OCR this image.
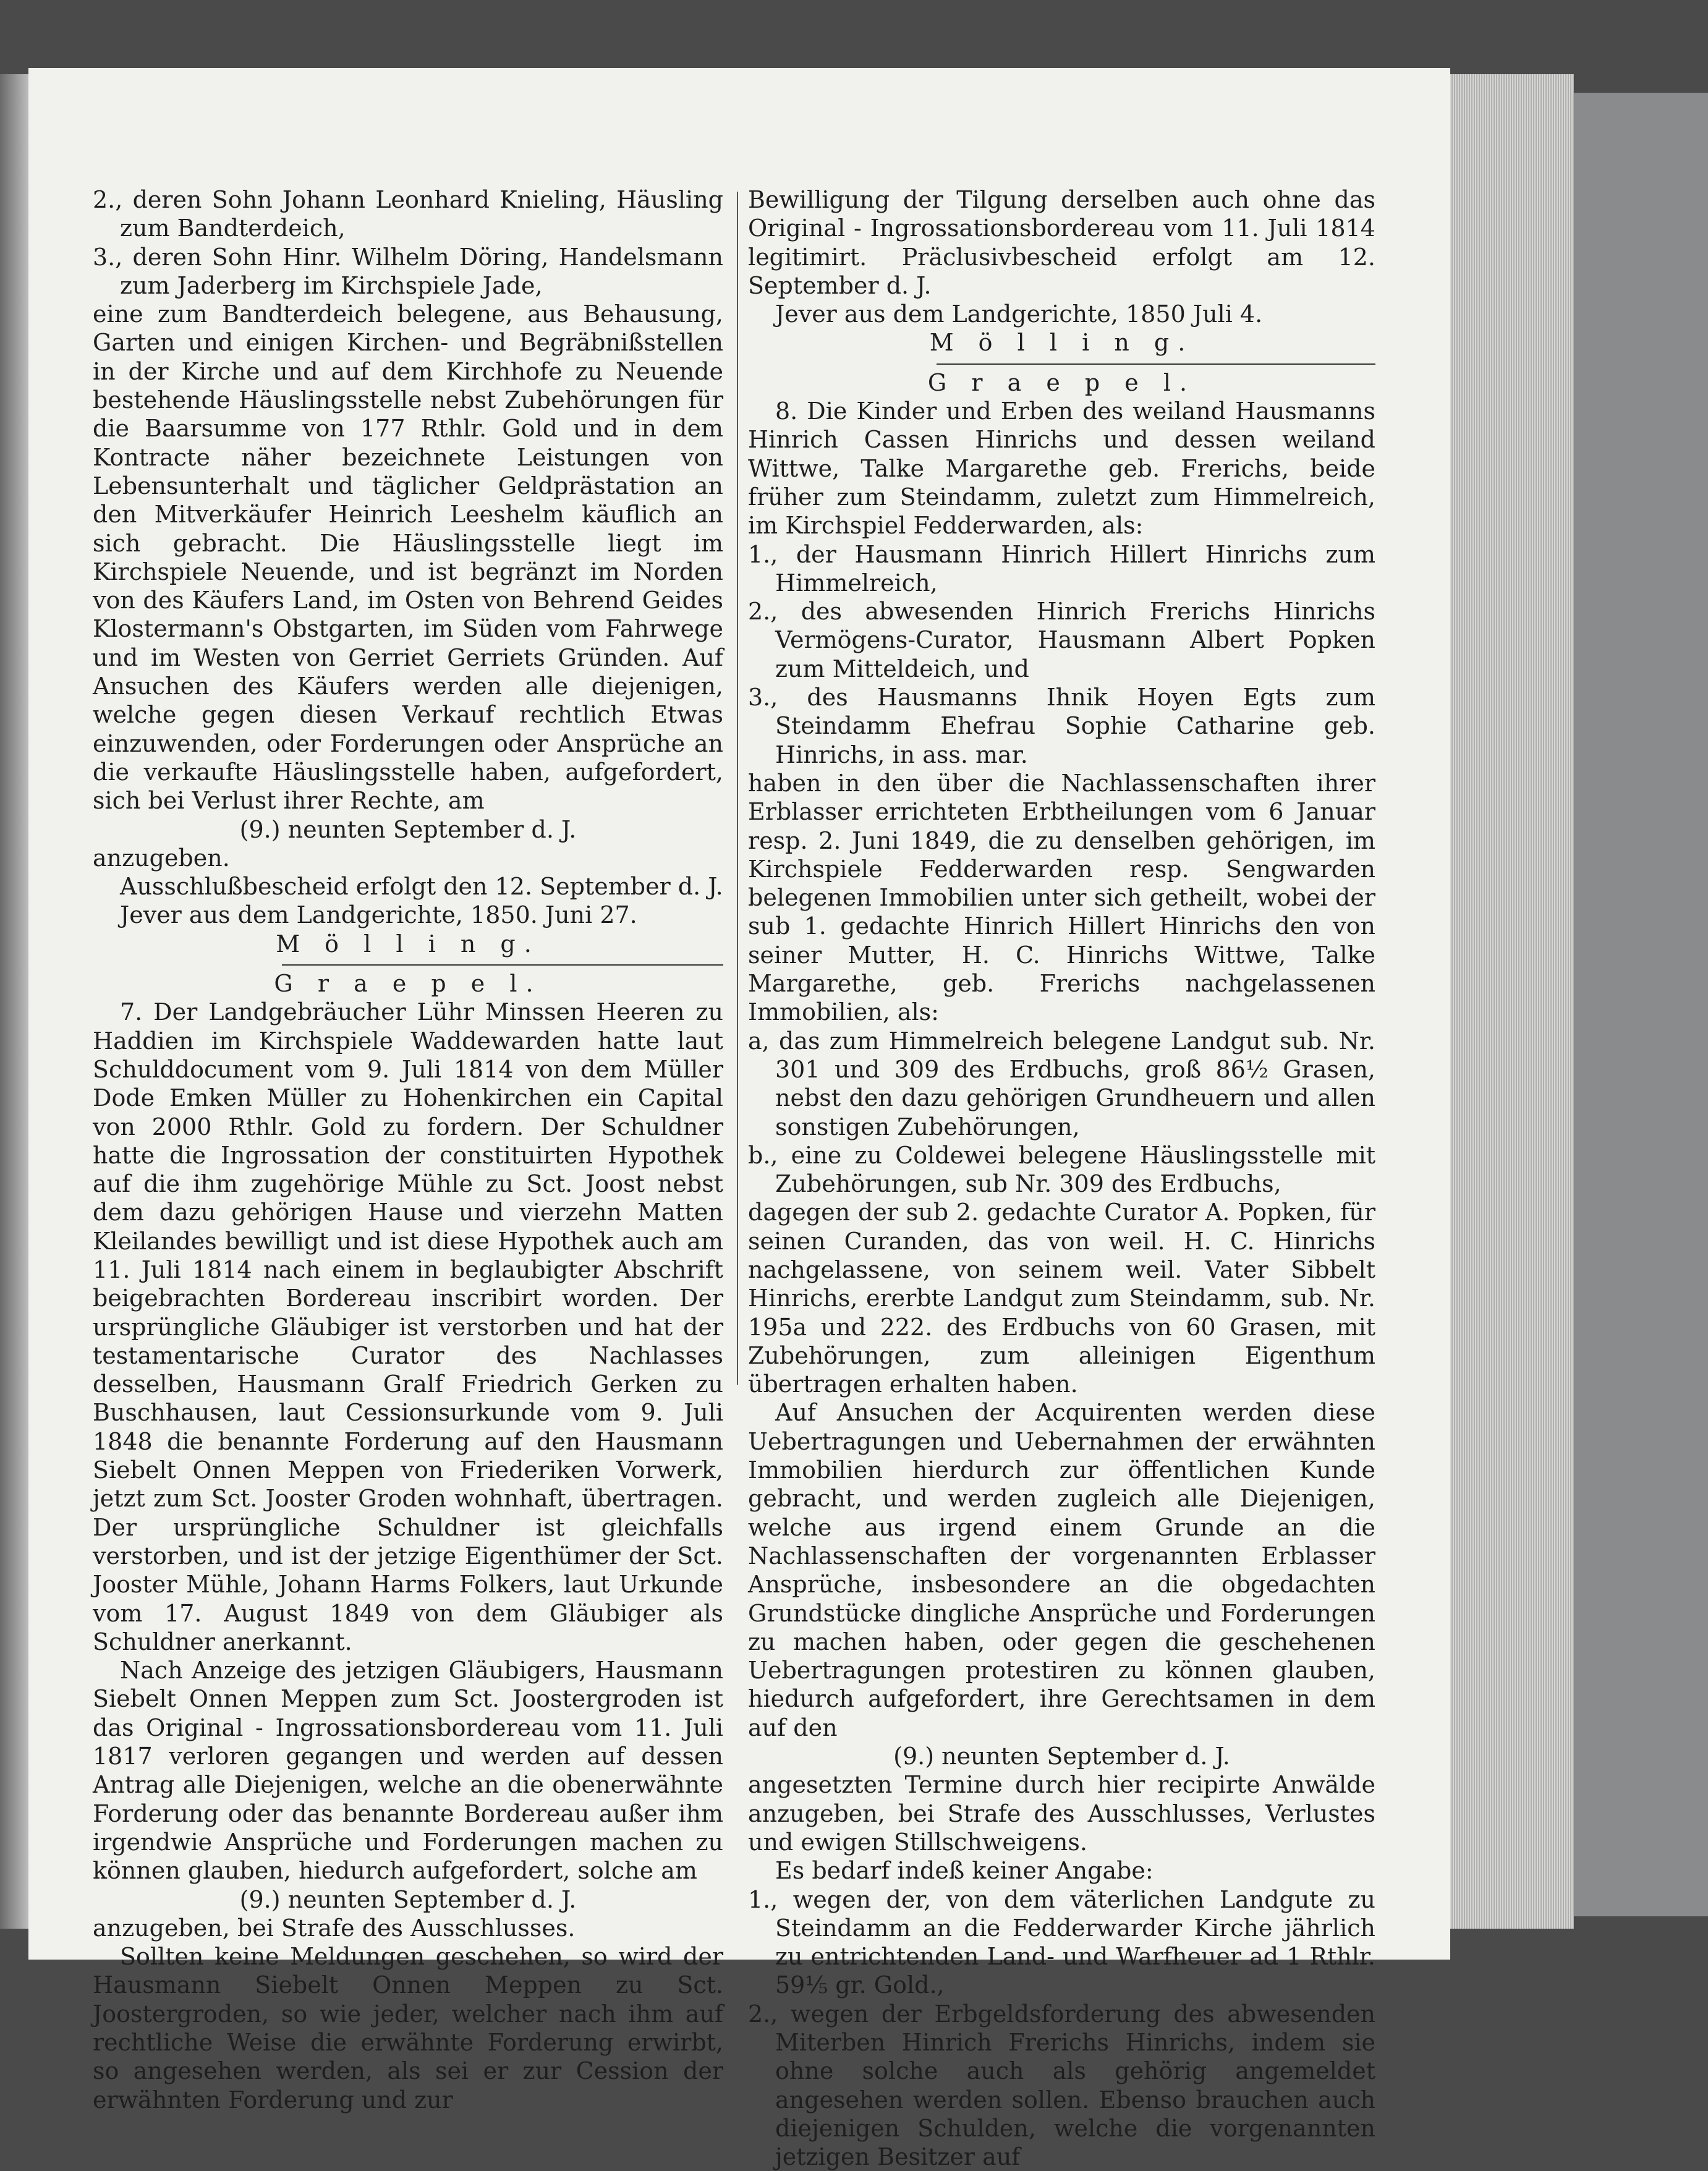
2., deren Sohn Johann Leonhard Knieling, Häusling zum Bandterdeich,

3., deren Sohn Hinr. Wilhelm Döring, Handelsmann zum Jaderberg im Kirchspiele Jade,

eine zum Bandterdeich belegene, aus Behausung, Garten und einigen Kirchen- und Begräbnißstellen in der Kirche und auf dem Kirchhofe zu Neuende bestehende Häuslingsstelle nebst Zubehörungen für die Baarsumme von 177 Rthlr. Gold und in dem Kontracte näher bezeichnete Leistungen von Lebensunterhalt und täglicher Geldprästation an den Mitverkäufer Heinrich Leeshelm käuflich an sich gebracht. Die Häuslingsstelle liegt im Kirchspiele Neuende, und ist begränzt im Norden von des Käufers Land, im Osten von Behrend Geides Klostermann's Obstgarten, im Süden vom Fahrwege und im Westen von Gerriet Gerriets Gründen. Auf Ansuchen des Käufers werden alle diejenigen, welche gegen diesen Verkauf rechtlich Etwas einzuwenden, oder Forderungen oder Ansprüche an die verkaufte Häuslingsstelle haben, aufgefordert, sich bei Verlust ihrer Rechte, am

(9.) neunten September d. J.

anzugeben.

Ausschlußbescheid erfolgt den 12. September d. J.

Jever aus dem Landgerichte, 1850. Juni 27.

M ö l l i n g.

G r a e p e l.

7. Der Landgebräucher Lühr Minssen Heeren zu Haddien im Kirchspiele Waddewarden hatte laut Schulddocument vom 9. Juli 1814 von dem Müller Dode Emken Müller zu Hohenkirchen ein Capital von 2000 Rthlr. Gold zu fordern. Der Schuldner hatte die Ingrossation der constituirten Hypothek auf die ihm zugehörige Mühle zu Sct. Joost nebst dem dazu gehörigen Hause und vierzehn Matten Kleilandes bewilligt und ist diese Hypothek auch am 11. Juli 1814 nach einem in beglaubigter Abschrift beigebrachten Bordereau inscribirt worden. Der ursprüngliche Gläubiger ist verstorben und hat der testamentarische Curator des Nachlasses desselben, Hausmann Gralf Friedrich Gerken zu Buschhausen, laut Cessionsurkunde vom 9. Juli 1848 die benannte Forderung auf den Hausmann Siebelt Onnen Meppen von Friederiken Vorwerk, jetzt zum Sct. Jooster Groden wohnhaft, übertragen. Der ursprüngliche Schuldner ist gleichfalls verstorben, und ist der jetzige Eigenthümer der Sct. Jooster Mühle, Johann Harms Folkers, laut Urkunde vom 17. August 1849 von dem Gläubiger als Schuldner anerkannt.

Nach Anzeige des jetzigen Gläubigers, Hausmann Siebelt Onnen Meppen zum Sct. Joostergroden ist das Original - Ingrossationsbordereau vom 11. Juli 1817 verloren gegangen und werden auf dessen Antrag alle Diejenigen, welche an die obenerwähnte Forderung oder das benannte Bordereau außer ihm irgendwie Ansprüche und Forderungen machen zu können glauben, hiedurch aufgefordert, solche am

(9.) neunten September d. J.

anzugeben, bei Strafe des Ausschlusses.

Sollten keine Meldungen geschehen, so wird der Hausmann Siebelt Onnen Meppen zu Sct. Joostergroden, so wie jeder, welcher nach ihm auf rechtliche Weise die erwähnte Forderung erwirbt, so angesehen werden, als sei er zur Cession der erwähnten Forderung und zur

Bewilligung der Tilgung derselben auch ohne das Original - Ingrossationsbordereau vom 11. Juli 1814 legitimirt. Präclusivbescheid erfolgt am 12. September d. J.

Jever aus dem Landgerichte, 1850 Juli 4.

M ö l l i n g.

G r a e p e l.

8. Die Kinder und Erben des weiland Hausmanns Hinrich Cassen Hinrichs und dessen weiland Wittwe, Talke Margarethe geb. Frerichs, beide früher zum Steindamm, zuletzt zum Himmelreich, im Kirchspiel Fedderwarden, als:

1., der Hausmann Hinrich Hillert Hinrichs zum Himmelreich,

2., des abwesenden Hinrich Frerichs Hinrichs Vermögens-Curator, Hausmann Albert Popken zum Mitteldeich, und

3., des Hausmanns Ihnik Hoyen Egts zum Steindamm Ehefrau Sophie Catharine geb. Hinrichs, in ass. mar.

haben in den über die Nachlassenschaften ihrer Erblasser errichteten Erbtheilungen vom 6 Januar resp. 2. Juni 1849, die zu denselben gehörigen, im Kirchspiele Fedderwarden resp. Sengwarden belegenen Immobilien unter sich getheilt, wobei der sub 1. gedachte Hinrich Hillert Hinrichs den von seiner Mutter, H. C. Hinrichs Wittwe, Talke Margarethe, geb. Frerichs nachgelassenen Immobilien, als:

a, das zum Himmelreich belegene Landgut sub. Nr. 301 und 309 des Erdbuchs, groß 86½ Grasen, nebst den dazu gehörigen Grundheuern und allen sonstigen Zubehörungen,

b., eine zu Coldewei belegene Häuslingsstelle mit Zubehörungen, sub Nr. 309 des Erdbuchs,

dagegen der sub 2. gedachte Curator A. Popken, für seinen Curanden, das von weil. H. C. Hinrichs nachgelassene, von seinem weil. Vater Sibbelt Hinrichs, ererbte Landgut zum Steindamm, sub. Nr. 195a und 222. des Erdbuchs von 60 Grasen, mit Zubehörungen, zum alleinigen Eigenthum übertragen erhalten haben.

Auf Ansuchen der Acquirenten werden diese Uebertragungen und Uebernahmen der erwähnten Immobilien hierdurch zur öffentlichen Kunde gebracht, und werden zugleich alle Diejenigen, welche aus irgend einem Grunde an die Nachlassenschaften der vorgenannten Erblasser Ansprüche, insbesondere an die obgedachten Grundstücke dingliche Ansprüche und Forderungen zu machen haben, oder gegen die geschehenen Uebertragungen protestiren zu können glauben, hiedurch aufgefordert, ihre Gerechtsamen in dem auf den

(9.) neunten September d. J.

angesetzten Termine durch hier recipirte Anwälde anzugeben, bei Strafe des Ausschlusses, Verlustes und ewigen Stillschweigens.

Es bedarf indeß keiner Angabe:

1., wegen der, von dem väterlichen Landgute zu Steindamm an die Fedderwarder Kirche jährlich zu entrichtenden Land- und Warfheuer ad 1 Rthlr. 59⅕ gr. Gold.,

2., wegen der Erbgeldsforderung des abwesenden Miterben Hinrich Frerichs Hinrichs, indem sie ohne solche auch als gehörig angemeldet angesehen werden sollen. Ebenso brauchen auch diejenigen Schulden, welche die vorgenannten jetzigen Besitzer auf
